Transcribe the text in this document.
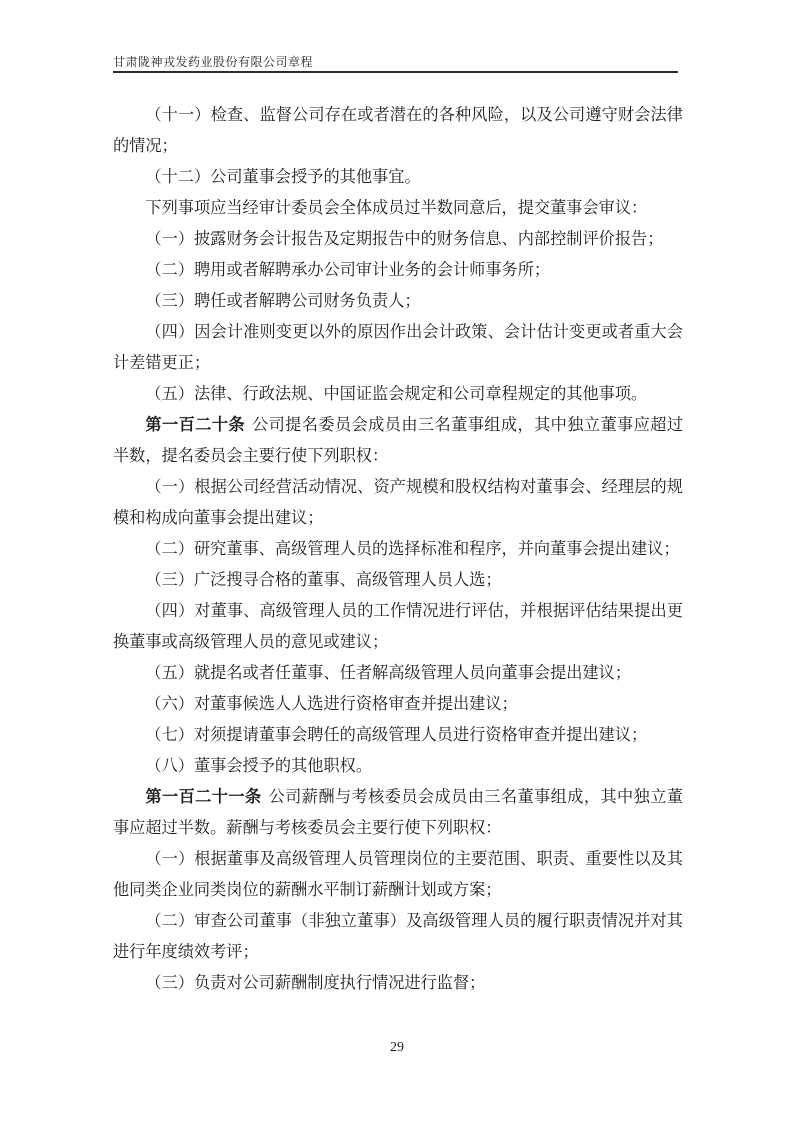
甘肃陇神戎发药业股份有限公司章程

（十一）检查、监督公司存在或者潜在的各种风险，以及公司遵守财会法律的情况；

（十二）公司董事会授予的其他事宜。

下列事项应当经审计委员会全体成员过半数同意后，提交董事会审议：

（一）披露财务会计报告及定期报告中的财务信息、内部控制评价报告；

（二）聘用或者解聘承办公司审计业务的会计师事务所；

（三）聘任或者解聘公司财务负责人；

（四）因会计准则变更以外的原因作出会计政策、会计估计变更或者重大会计差错更正；

（五）法律、行政法规、中国证监会规定和公司章程规定的其他事项。

第一百二十条 公司提名委员会成员由三名董事组成，其中独立董事应超过半数，提名委员会主要行使下列职权：

（一）根据公司经营活动情况、资产规模和股权结构对董事会、经理层的规模和构成向董事会提出建议；

（二）研究董事、高级管理人员的选择标准和程序，并向董事会提出建议；

（三）广泛搜寻合格的董事、高级管理人员人选；

（四）对董事、高级管理人员的工作情况进行评估，并根据评估结果提出更换董事或高级管理人员的意见或建议；

（五）就提名或者任董事、任者解高级管理人员向董事会提出建议；

（六）对董事候选人人选进行资格审查并提出建议；

（七）对须提请董事会聘任的高级管理人员进行资格审查并提出建议；

（八）董事会授予的其他职权。

第一百二十一条 公司薪酬与考核委员会成员由三名董事组成，其中独立董事应超过半数。薪酬与考核委员会主要行使下列职权：

（一）根据董事及高级管理人员管理岗位的主要范围、职责、重要性以及其他同类企业同类岗位的薪酬水平制订薪酬计划或方案；

（二）审查公司董事（非独立董事）及高级管理人员的履行职责情况并对其进行年度绩效考评；

（三）负责对公司薪酬制度执行情况进行监督；

29
